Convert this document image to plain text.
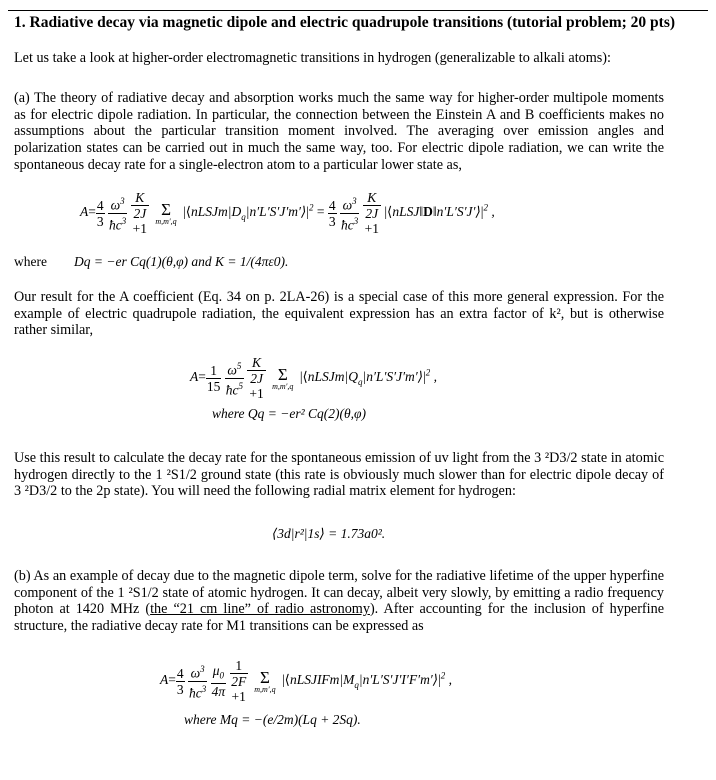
1. Radiative decay via magnetic dipole and electric quadrupole transitions (tutorial problem; 20 pts)

Let us take a look at higher-order electromagnetic transitions in hydrogen (generalizable to alkali atoms):

(a) The theory of radiative decay and absorption works much the same way for higher-order multipole moments as for electric dipole radiation. In particular, the connection between the Einstein A and B coefficients makes no assumptions about the particular transition moment involved. The averaging over emission angles and polarization states can be carried out in much the same way, too. For electric dipole radiation, we can write the spontaneous decay rate for a single-electron atom to a particular lower state as,

$A= \frac{4}{3}$
$\frac{\omega^3}{ħc^3}$
K
2J
+1
Σ
m,m′,q
$|⟨nLSJm|D_q|n'L'S'J'm'⟩|^2 = \frac{4}{3}$
$\frac{\omega^3}{ħc^3}$
K
2J
+1 $|⟨nLSJ‖D‖n'L'S'J'⟩|^2$ ,
where Dq = −er Cq(1)(θ,φ) and K = 1/(4πε0).

Our result for the A coefficient (Eq. 34 on p. 2LA-26) is a special case of this more general expression. For the example of electric quadrupole radiation, the equivalent expression has an extra factor of k², but is otherwise rather similar,

$A= \frac{1}{15}$
$\frac{\omega^5}{ħc^5}$
K
2J
+1
Σ
m,m′,q
$|⟨nLSJm|Q_q|n'L'S'J'm'⟩|^2$ ,
where Qq = −er² Cq(2)(θ,φ)

Use this result to calculate the decay rate for the spontaneous emission of uv light from the 3 ²D3/2 state in atomic hydrogen directly to the 1 ²S1/2 ground state (this rate is obviously much slower than for electric dipole decay of 3 ²D3/2 to the 2p state). You will need the following radial matrix element for hydrogen:

⟨3d|r²|1s⟩ = 1.73a0².

(b) As an example of decay due to the magnetic dipole term, solve for the radiative lifetime of the upper hyperfine component of the 1 ²S1/2 state of atomic hydrogen. It can decay, albeit very slowly, by emitting a radio frequency photon at 1420 MHz (the “21 cm line” of radio astronomy). After accounting for the inclusion of hyperfine structure, the radiative decay rate for M1 transitions can be expressed as

$A= \frac{4}{3}$
$\frac{\omega^3}{ħc^3}$
$\frac{\mu_0}{4\pi}$
1
2F
+1
Σ
m,m′,q
$|⟨nLSJIFm|M_q|n'L'S'J'I'F'm'⟩|^2$ ,
where Mq = −(e/2m)(Lq + 2Sq).
